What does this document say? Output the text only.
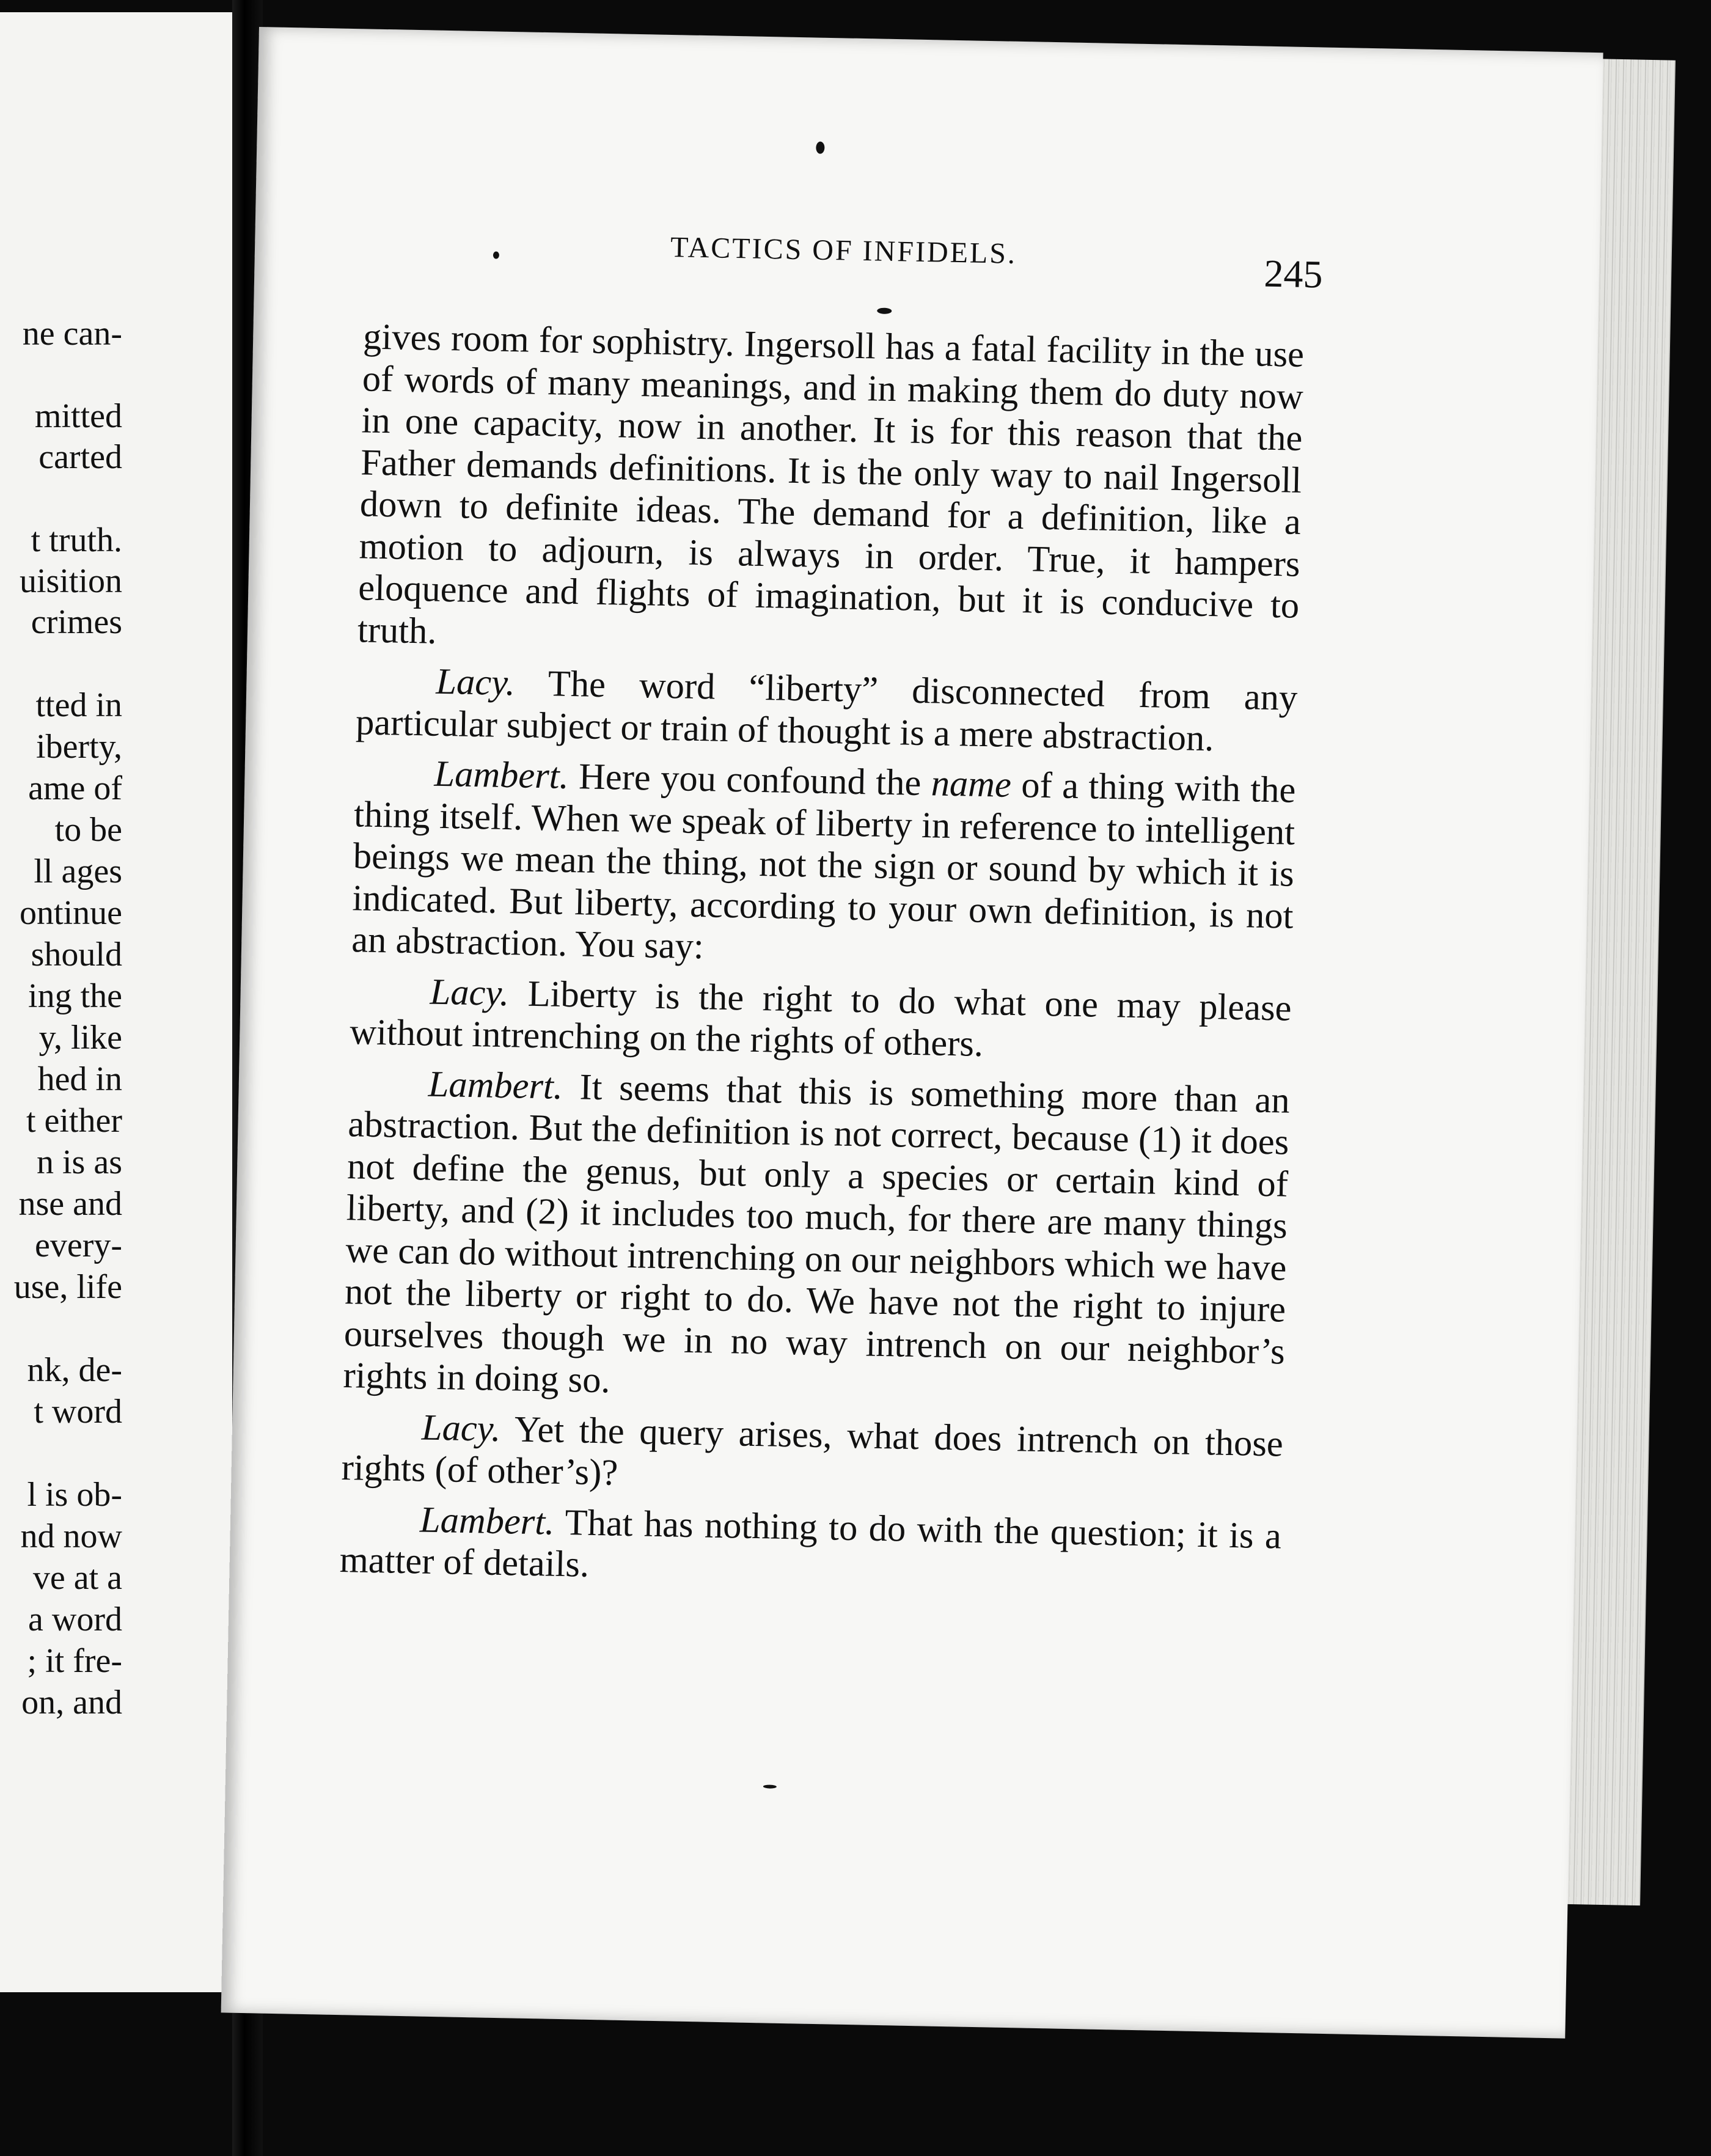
ne can-
mitted
carted
t truth.
uisition
crimes
tted in
iberty,
ame of
to be
ll ages
ontinue
should
ing the
y, like
hed in
t either
n is as
nse and
every-
use, life
nk, de-
t word
l is ob-
nd now
ve at a
a word
; it fre-
on, and
TACTICS OF INFIDELS.
245

gives room for sophistry. Ingersoll has a fatal facility in the use of words of many meanings, and in making them do duty now in one capacity, now in another. It is for this reason that the Father demands definitions. It is the only way to nail Ingersoll down to definite ideas. The demand for a definition, like a motion to adjourn, is always in order. True, it hampers eloquence and flights of imagination, but it is conducive to truth.

Lacy. The word “liberty” disconnected from any particular subject or train of thought is a mere abstraction.

Lambert. Here you confound the name of a thing with the thing itself. When we speak of liberty in reference to intelligent beings we mean the thing, not the sign or sound by which it is indicated. But liberty, according to your own definition, is not an abstraction. You say:

Lacy. Liberty is the right to do what one may please without intrenching on the rights of others.

Lambert. It seems that this is something more than an abstraction. But the definition is not correct, because (1) it does not define the genus, but only a species or certain kind of liberty, and (2) it includes too much, for there are many things we can do without intrenching on our neighbors which we have not the liberty or right to do. We have not the right to injure ourselves though we in no way intrench on our neighbor’s rights in doing so.

Lacy. Yet the query arises, what does intrench on those rights (of other’s)?

Lambert. That has nothing to do with the question; it is a matter of details.
